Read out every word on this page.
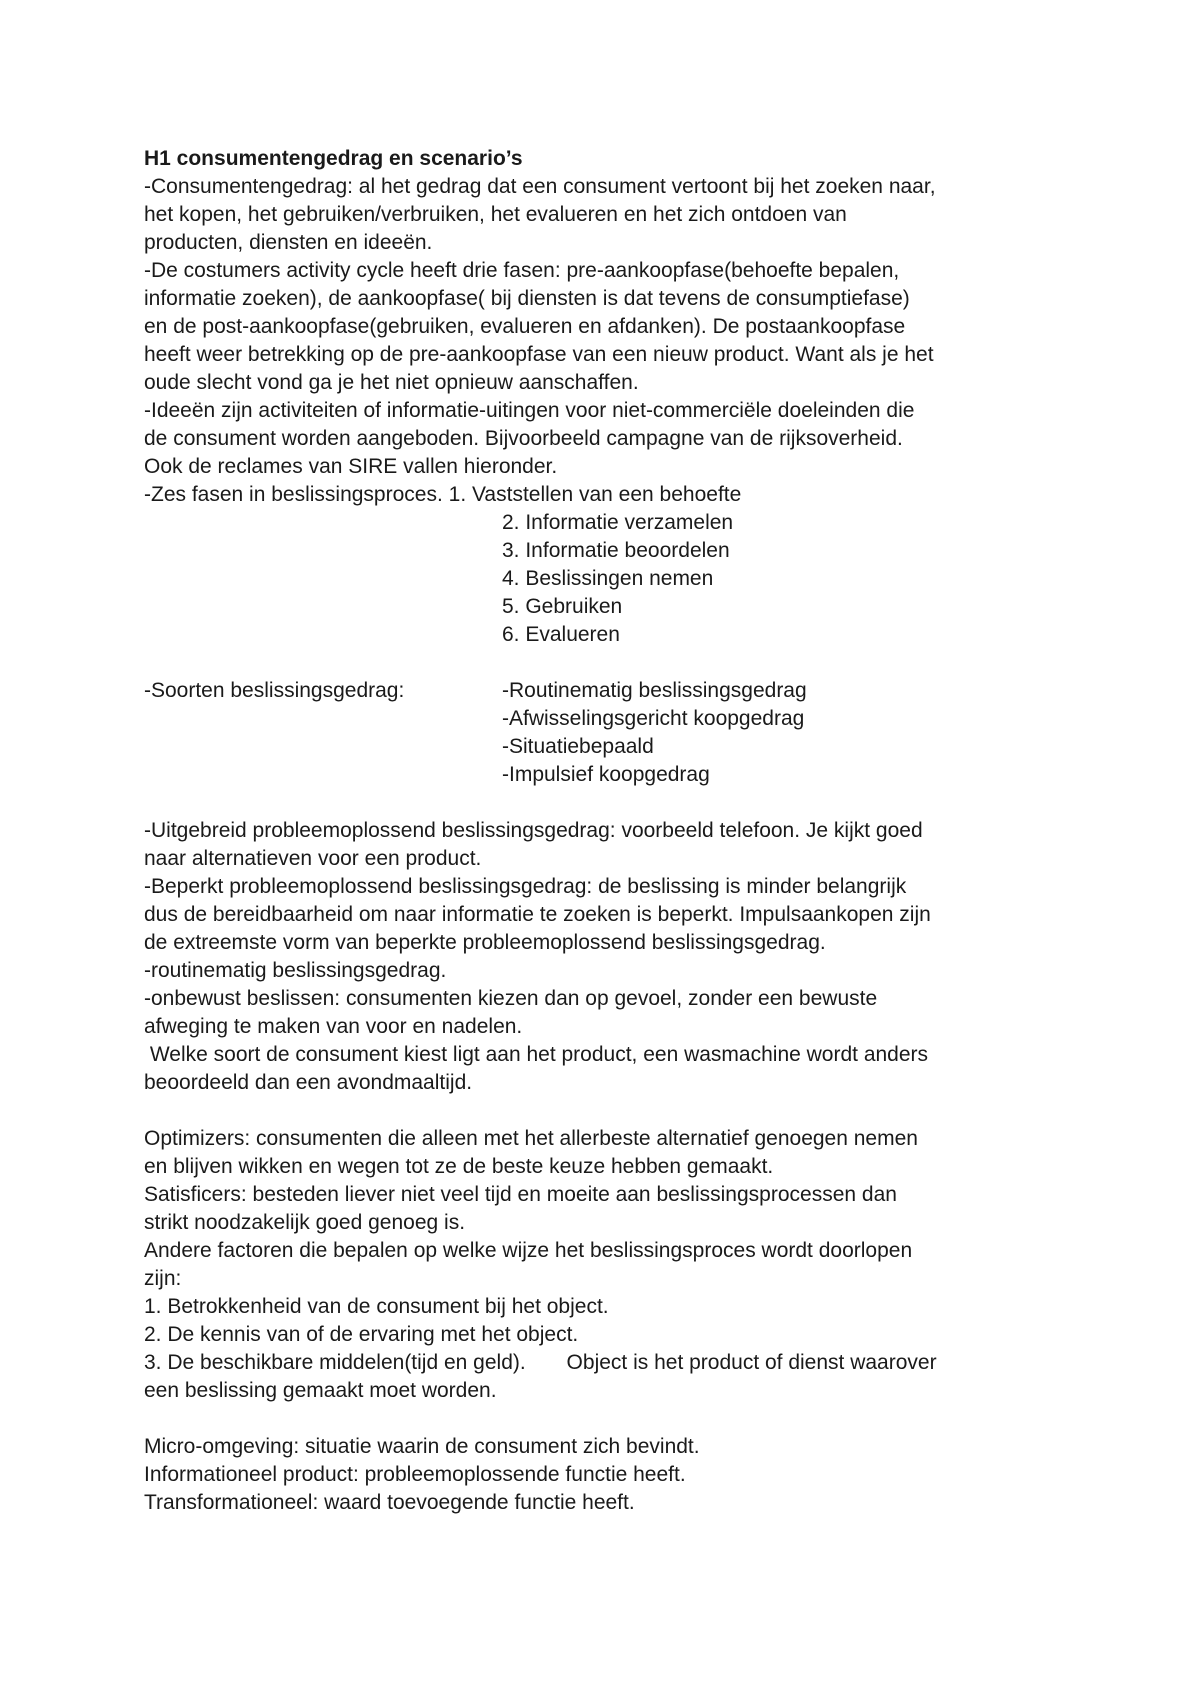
H1 consumentengedrag en scenario’s
-Consumentengedrag: al het gedrag dat een consument vertoont bij het zoeken naar,
het kopen, het gebruiken/verbruiken, het evalueren en het zich ontdoen van
producten, diensten en ideeën.
-De costumers activity cycle heeft drie fasen: pre-aankoopfase(behoefte bepalen,
informatie zoeken), de aankoopfase( bij diensten is dat tevens de consumptiefase)
en de post-aankoopfase(gebruiken, evalueren en afdanken). De postaankoopfase
heeft weer betrekking op de pre-aankoopfase van een nieuw product. Want als je het
oude slecht vond ga je het niet opnieuw aanschaffen.
-Ideeën zijn activiteiten of informatie-uitingen voor niet-commerciële doeleinden die
de consument worden aangeboden. Bijvoorbeeld campagne van de rijksoverheid.
Ook de reclames van SIRE vallen hieronder.
-Zes fasen in beslissingsproces. 1. Vaststellen van een behoefte
2. Informatie verzamelen
3. Informatie beoordelen
4. Beslissingen nemen
5. Gebruiken
6. Evalueren
-Soorten beslissingsgedrag:	-Routinematig beslissingsgedrag
-Afwisselingsgericht koopgedrag
-Situatiebepaald
-Impulsief koopgedrag
-Uitgebreid probleemoplossend beslissingsgedrag: voorbeeld telefoon. Je kijkt goed
naar alternatieven voor een product.
-Beperkt probleemoplossend beslissingsgedrag: de beslissing is minder belangrijk
dus de bereidbaarheid om naar informatie te zoeken is beperkt. Impulsaankopen zijn
de extreemste vorm van beperkte probleemoplossend beslissingsgedrag.
-routinematig beslissingsgedrag.
-onbewust beslissen: consumenten kiezen dan op gevoel, zonder een bewuste
afweging te maken van voor en nadelen.
Welke soort de consument kiest ligt aan het product, een wasmachine wordt anders
beoordeeld dan een avondmaaltijd.
Optimizers: consumenten die alleen met het allerbeste alternatief genoegen nemen
en blijven wikken en wegen tot ze de beste keuze hebben gemaakt.
Satisficers: besteden liever niet veel tijd en moeite aan beslissingsprocessen dan
strikt noodzakelijk goed genoeg is.
Andere factoren die bepalen op welke wijze het beslissingsproces wordt doorlopen
zijn:
1. Betrokkenheid van de consument bij het object.
2. De kennis van of de ervaring met het object.
3. De beschikbare middelen(tijd en geld).       Object is het product of dienst waarover
een beslissing gemaakt moet worden.
Micro-omgeving: situatie waarin de consument zich bevindt.
Informationeel product: probleemoplossende functie heeft.
Transformationeel: waard toevoegende functie heeft.
